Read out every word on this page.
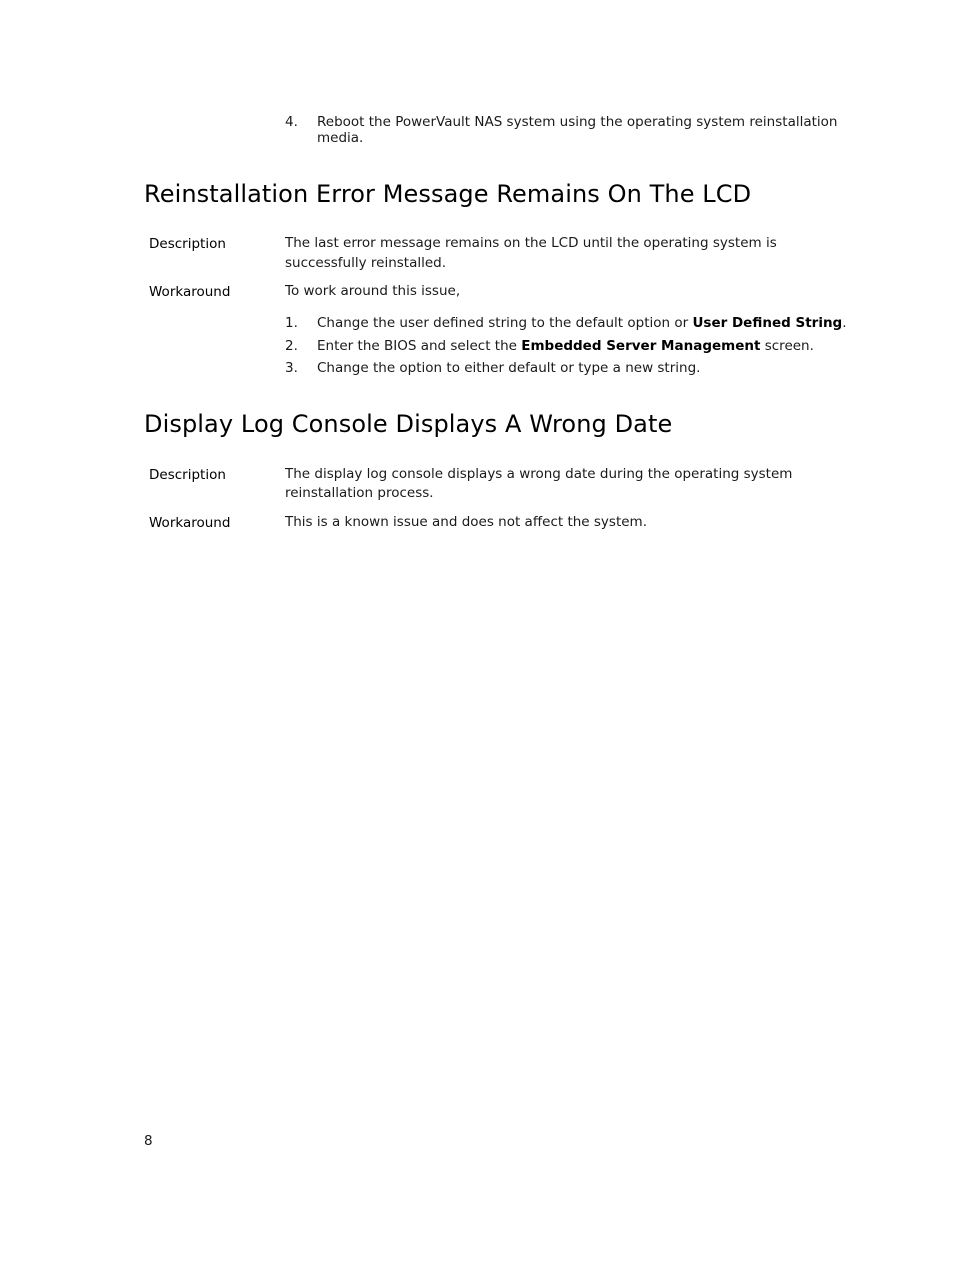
4. Reboot the PowerVault NAS system using the operating system reinstallation
media.
Reinstallation Error Message Remains On The LCD
Description	The last error message remains on the LCD until the operating system is
successfully reinstalled.
Workaround	To work around this issue,
1. Change the user defined string to the default option or User Defined String.
2. Enter the BIOS and select the Embedded Server Management screen.
3. Change the option to either default or type a new string.
Display Log Console Displays A Wrong Date
Description	The display log console displays a wrong date during the operating system
reinstallation process.
Workaround	This is a known issue and does not affect the system.
8
